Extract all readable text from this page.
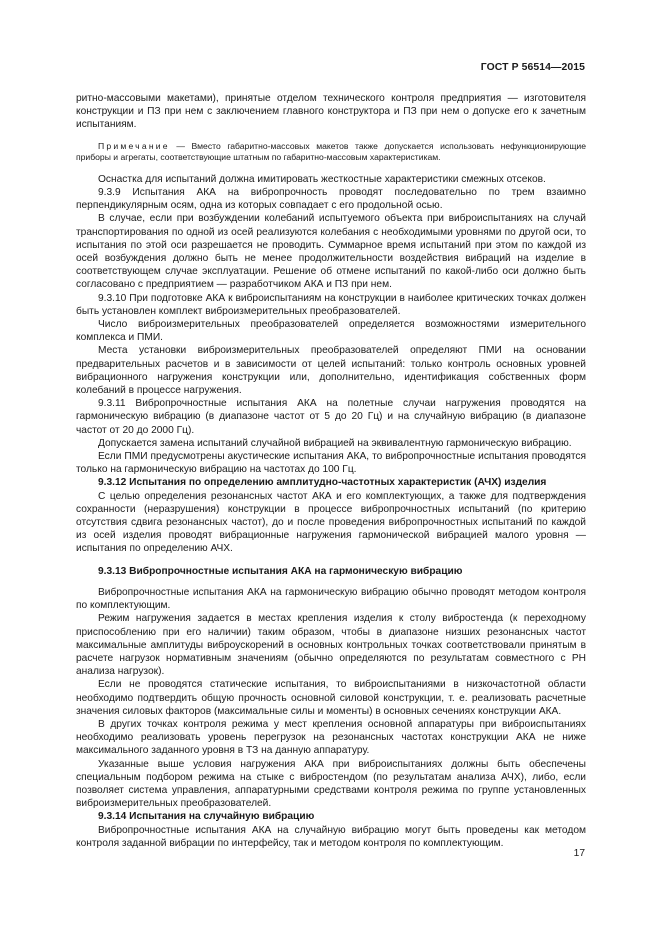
ГОСТ Р 56514—2015

ритно-массовыми макетами), принятые отделом технического контроля предприятия — изготовителя конструкции и ПЗ при нем с заключением главного конструктора и ПЗ при нем о допуске его к зачетным испытаниям.

Примечание — Вместо габаритно-массовых макетов также допускается использовать нефункционирующие приборы и агрегаты, соответствующие штатным по габаритно-массовым характеристикам.

Оснастка для испытаний должна имитировать жесткостные характеристики смежных отсеков.

9.3.9 Испытания АКА на вибропрочность проводят последовательно по трем взаимно перпендикулярным осям, одна из которых совпадает с его продольной осью.

В случае, если при возбуждении колебаний испытуемого объекта при виброиспытаниях на случай транспортирования по одной из осей реализуются колебания с необходимыми уровнями по другой оси, то испытания по этой оси разрешается не проводить. Суммарное время испытаний при этом по каждой из осей возбуждения должно быть не менее продолжительности воздействия вибраций на изделие в соответствующем случае эксплуатации. Решение об отмене испытаний по какой-либо оси должно быть согласовано с предприятием — разработчиком АКА и ПЗ при нем.

9.3.10 При подготовке АКА к виброиспытаниям на конструкции в наиболее критических точках должен быть установлен комплект виброизмерительных преобразователей.

Число виброизмерительных преобразователей определяется возможностями измерительного комплекса и ПМИ.

Места установки виброизмерительных преобразователей определяют ПМИ на основании предварительных расчетов и в зависимости от целей испытаний: только контроль основных уровней вибрационного нагружения конструкции или, дополнительно, идентификация собственных форм колебаний в процессе нагружения.

9.3.11 Вибропрочностные испытания АКА на полетные случаи нагружения проводятся на гармоническую вибрацию (в диапазоне частот от 5 до 20 Гц) и на случайную вибрацию (в диапазоне частот от 20 до 2000 Гц).

Допускается замена испытаний случайной вибрацией на эквивалентную гармоническую вибрацию.

Если ПМИ предусмотрены акустические испытания АКА, то вибропрочностные испытания проводятся только на гармоническую вибрацию на частотах до 100 Гц.

9.3.12 Испытания по определению амплитудно-частотных характеристик (АЧХ) изделия

С целью определения резонансных частот АКА и его комплектующих, а также для подтверждения сохранности (неразрушения) конструкции в процессе вибропрочностных испытаний (по критерию отсутствия сдвига резонансных частот), до и после проведения вибропрочностных испытаний по каждой из осей изделия проводят вибрационные нагружения гармонической вибрацией малого уровня — испытания по определению АЧХ.

9.3.13 Вибропрочностные испытания АКА на гармоническую вибрацию

Вибропрочностные испытания АКА на гармоническую вибрацию обычно проводят методом контроля по комплектующим.

Режим нагружения задается в местах крепления изделия к столу вибростенда (к переходному приспособлению при его наличии) таким образом, чтобы в диапазоне низших резонансных частот максимальные амплитуды виброускорений в основных контрольных точках соответствовали принятым в расчете нагрузок нормативным значениям (обычно определяются по результатам совместного с РН анализа нагрузок).

Если не проводятся статические испытания, то виброиспытаниями в низкочастотной области необходимо подтвердить общую прочность основной силовой конструкции, т. е. реализовать расчетные значения силовых факторов (максимальные силы и моменты) в основных сечениях конструкции АКА.

В других точках контроля режима у мест крепления основной аппаратуры при виброиспытаниях необходимо реализовать уровень перегрузок на резонансных частотах конструкции АКА не ниже максимального заданного уровня в ТЗ на данную аппаратуру.

Указанные выше условия нагружения АКА при виброиспытаниях должны быть обеспечены специальным подбором режима на стыке с вибростендом (по результатам анализа АЧХ), либо, если позволяет система управления, аппаратурными средствами контроля режима по группе установленных виброизмерительных преобразователей.

9.3.14 Испытания на случайную вибрацию

Вибропрочностные испытания АКА на случайную вибрацию могут быть проведены как методом контроля заданной вибрации по интерфейсу, так и методом контроля по комплектующим.

17
